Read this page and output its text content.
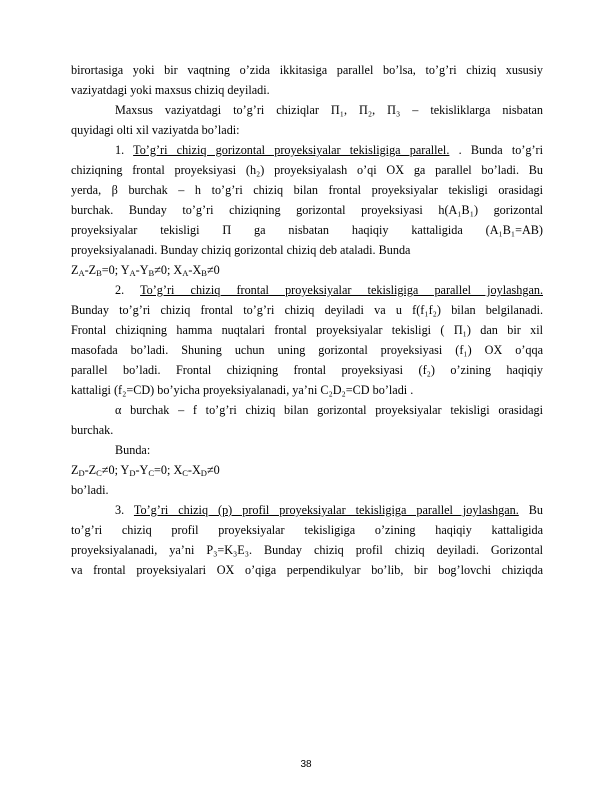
birortasiga yoki bir vaqtning o’zida ikkitasiga parallel bo’lsa, to’g’ri chiziq xususiy
vaziyatdagi yoki maxsus chiziq deyiladi.
Maxsus vaziyatdagi to’g’ri chiziqlar Π₁, Π₂, Π₃ – tekisliklarga nisbatan
quyidagi olti xil vaziyatda bo’ladi:
1. To’g’ri chiziq gorizontal proyeksiyalar tekisligiga parallel. . Bunda to’g’ri
chiziqning frontal proyeksiyasi (h₂) proyeksiyalash o’qi OX ga parallel bo’ladi. Bu
yerda, β burchak – h to’g’ri chiziq bilan frontal proyeksiyalar tekisligi orasidagi
burchak. Bunday to’g’ri chiziqning gorizontal proyeksiyasi h(A₁B₁) gorizontal
proyeksiyalar tekisligi Π ga nisbatan haqiqiy kattaligida (A₁B₁=AB)
proyeksiyalanadi. Bunday chiziq gorizontal chiziq deb ataladi. Bunda
$Z_A-Z_B=0$; $Y_A-Y_B\ne 0$; $X_A-X_B\ne 0$
2. To’g’ri chiziq frontal proyeksiyalar tekisligiga parallel joylashgan.
Bunday to’g’ri chiziq frontal to’g’ri chiziq deyiladi va u f(f₁f₂) bilan belgilanadi.
Frontal chiziqning hamma nuqtalari frontal proyeksiyalar tekisligi ( Π₁) dan bir xil
masofada bo’ladi. Shuning uchun uning gorizontal proyeksiyasi (f₁) OX o’qqa
parallel bo’ladi. Frontal chiziqning frontal proyeksiyasi (f₂) o’zining haqiqiy
kattaligi (f₂=CD) bo’yicha proyeksiyalanadi, ya’ni C₂D₂=CD bo’ladi .
α burchak – f to’g’ri chiziq bilan gorizontal proyeksiyalar tekisligi orasidagi
burchak.
Bunda:
$Z_D-Z_C\ne 0$; $Y_D-Y_C=0$; $X_C-X_D\ne 0$
bo’ladi.
3. To’g’ri chiziq (p) profil proyeksiyalar tekisligiga parallel joylashgan. Bu
to’g’ri chiziq profil proyeksiyalar tekisligiga o’zining haqiqiy kattaligida
proyeksiyalanadi, ya’ni P₃=K₃E₃. Bunday chiziq profil chiziq deyiladi. Gorizontal
va frontal proyeksiyalari OX o’qiga perpendikulyar bo’lib, bir bog’lovchi chiziqda
38
